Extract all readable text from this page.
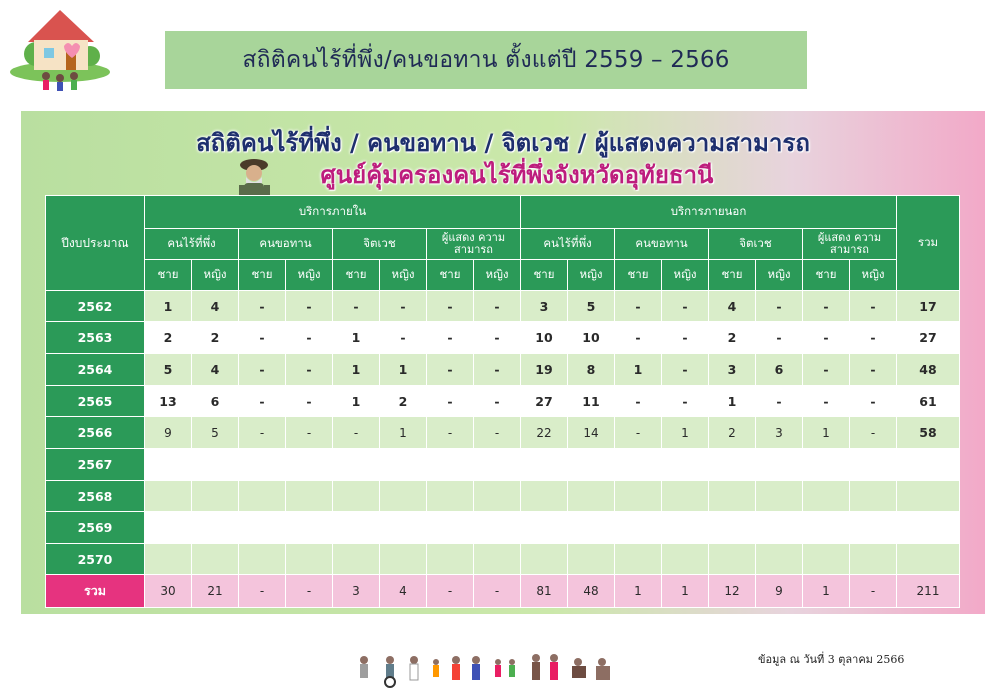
สถิติคนไร้ที่พึ่ง/คนขอทาน ตั้งแต่ปี 2559 – 2566
สถิติคนไร้ที่พึ่ง / คนขอทาน / จิตเวช / ผู้แสดงความสามารถ
ศูนย์คุ้มครองคนไร้ที่พึ่งจังหวัดอุทัยธานี
ปีงบประมาณ	บริการภายใน								บริการภายนอก								รวม
	คนไร้ที่พึ่ง		คนขอทาน		จิตเวช		ผู้แสดง ความสามารถ		คนไร้ที่พึ่ง		คนขอทาน		จิตเวช		ผู้แสดง ความสามารถ		
	ชาย	หญิง	ชาย	หญิง	ชาย	หญิง	ชาย	หญิง	ชาย	หญิง	ชาย	หญิง	ชาย	หญิง	ชาย	หญิง	
2562	1	4	-	-	-	-	-	-	3	5	-	-	4	-	-	-	17
2563	2	2	-	-	1	-	-	-	10	10	-	-	2	-	-	-	27
2564	5	4	-	-	1	1	-	-	19	8	1	-	3	6	-	-	48
2565	13	6	-	-	1	2	-	-	27	11	-	-	1	-	-	-	61
2566	9	5	-	-	-	1	-	-	22	14	-	1	2	3	1	-	58
2567																	
2568																	
2569																	
2570																	
รวม	30	21	-	-	3	4	-	-	81	48	1	1	12	9	1	-	211
ข้อมูล ณ วันที่ 3 ตุลาคม 2566
